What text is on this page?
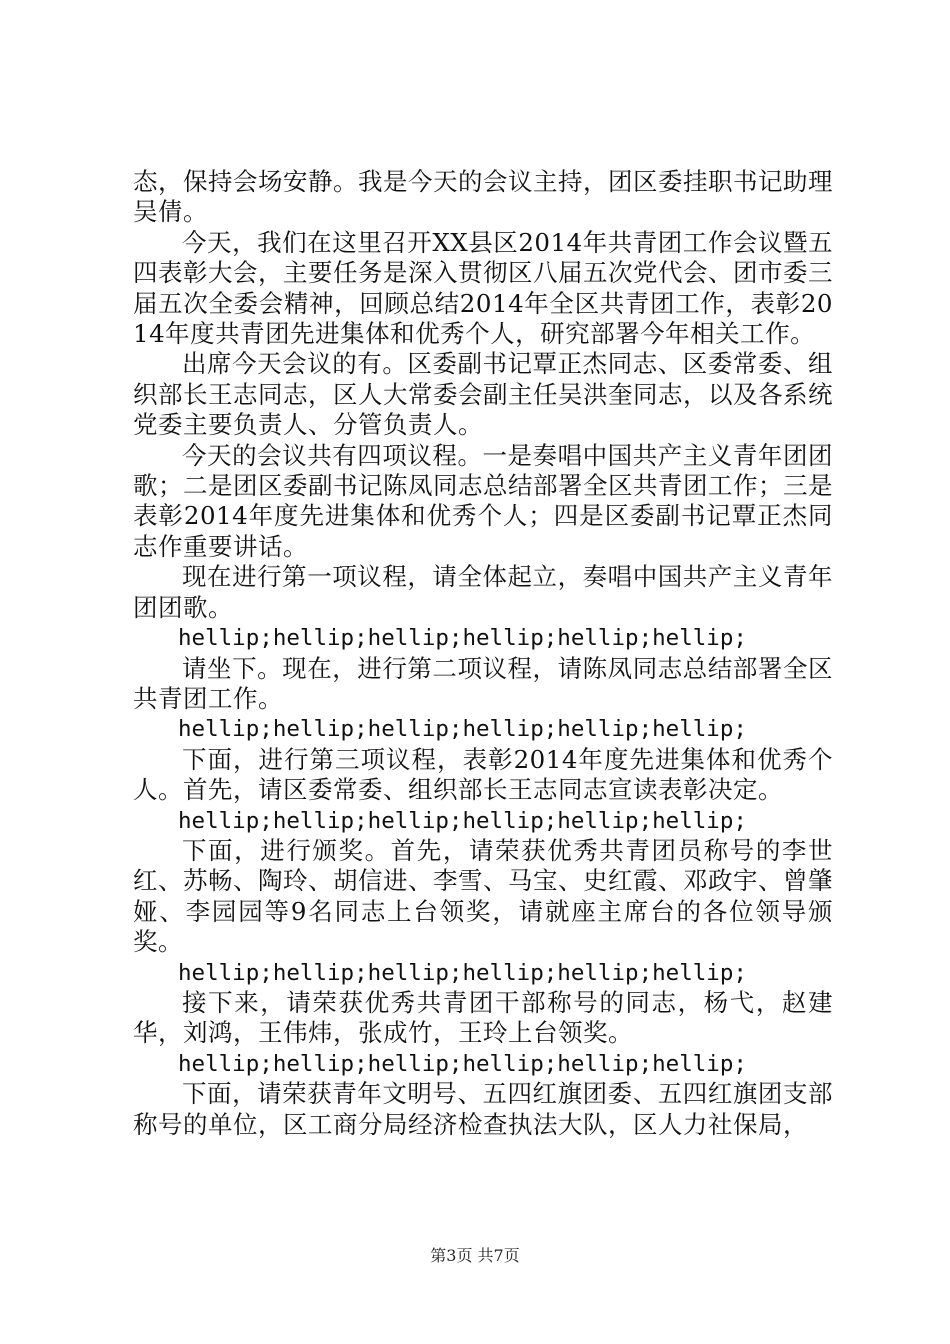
态，保持会场安静。我是今天的会议主持，团区委挂职书记助理吴倩。

今天，我们在这里召开XX县区2014年共青团工作会议暨五四表彰大会，主要任务是深入贯彻区八届五次党代会、团市委三届五次全委会精神，回顾总结2014年全区共青团工作，表彰2014年度共青团先进集体和优秀个人，研究部署今年相关工作。

出席今天会议的有。区委副书记覃正杰同志、区委常委、组织部长王志同志，区人大常委会副主任吴洪奎同志，以及各系统党委主要负责人、分管负责人。

今天的会议共有四项议程。一是奏唱中国共产主义青年团团歌；二是团区委副书记陈凤同志总结部署全区共青团工作；三是表彰2014年度先进集体和优秀个人；四是区委副书记覃正杰同志作重要讲话。

现在进行第一项议程，请全体起立，奏唱中国共产主义青年团团歌。

hellip;hellip;hellip;hellip;hellip;hellip;

请坐下。现在，进行第二项议程，请陈凤同志总结部署全区共青团工作。

hellip;hellip;hellip;hellip;hellip;hellip;

下面，进行第三项议程，表彰2014年度先进集体和优秀个人。首先，请区委常委、组织部长王志同志宣读表彰决定。

hellip;hellip;hellip;hellip;hellip;hellip;

下面，进行颁奖。首先，请荣获优秀共青团员称号的李世红、苏畅、陶玲、胡信进、李雪、马宝、史红霞、邓政宇、曾肇娅、李园园等9名同志上台领奖，请就座主席台的各位领导颁奖。

hellip;hellip;hellip;hellip;hellip;hellip;

接下来，请荣获优秀共青团干部称号的同志，杨弋，赵建华，刘鸿，王伟炜，张成竹，王玲上台领奖。

hellip;hellip;hellip;hellip;hellip;hellip;

下面，请荣获青年文明号、五四红旗团委、五四红旗团支部称号的单位，区工商分局经济检查执法大队，区人力社保局，

第3页 共7页
